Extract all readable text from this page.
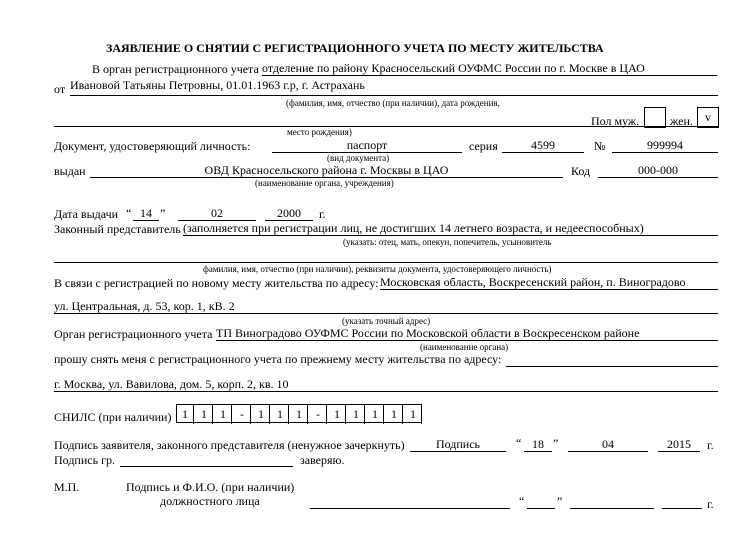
ЗАЯВЛЕНИЕ О СНЯТИИ С РЕГИСТРАЦИОННОГО УЧЕТА ПО МЕСТУ ЖИТЕЛЬСТВА
В орган регистрационного учета отделение по району Красносельский ОУФМС России по г. Москве в ЦАО
от Ивановой Татьяны Петровны, 01.01.1963 г.р, г. Астрахань
(фамилия, имя, отчество (при наличии), дата рождения,
Пол муж.	жен.	v
место рождения)
Документ, удостоверяющий личность:	паспорт
(вид документа)
серия	4599	№	999994
выдан	ОВД Красносельского района г. Москвы в ЦАО
(наименование органа, учреждения)
Код	000-000
Дата выдачи “ 14 ”	02	2000	г.
Законный представитель (заполняется при регистрации лиц, не достигших 14 летнего возраста, и недееспособных)
(указать: отец, мать, опекун, попечитель, усыновитель
фамилия, имя, отчество (при наличии), реквизиты документа, удостоверяющего личность)
В связи с регистрацией по новому месту жительства по адресу: Московская область, Воскресенский район, п. Винoградово
ул. Центральная, д. 53, кор. 1, кВ. 2
(указать точный адрес)
Орган регистрационного учета ТП Виноградово ОУФМС России по Московской области в Воскресенском районе
(наименование органа)
прошу снять меня с регистрационного учета по прежнему месту жительства по адресу:
г. Москва, ул. Вавилова, дом. 5, корп. 2, кв. 10
СНИЛС (при наличии) 1	1	1	-	1	1	1	-	1	1	1	1	1
Подпись заявителя, законного представителя (ненужное зачеркнуть)	Подпись	“ 18 ”	04	2015	г.
Подпись гр.	заверяю.
М.П.	Подпись и Ф.И.О. (при наличии)
должностного лица	“	”	г.
